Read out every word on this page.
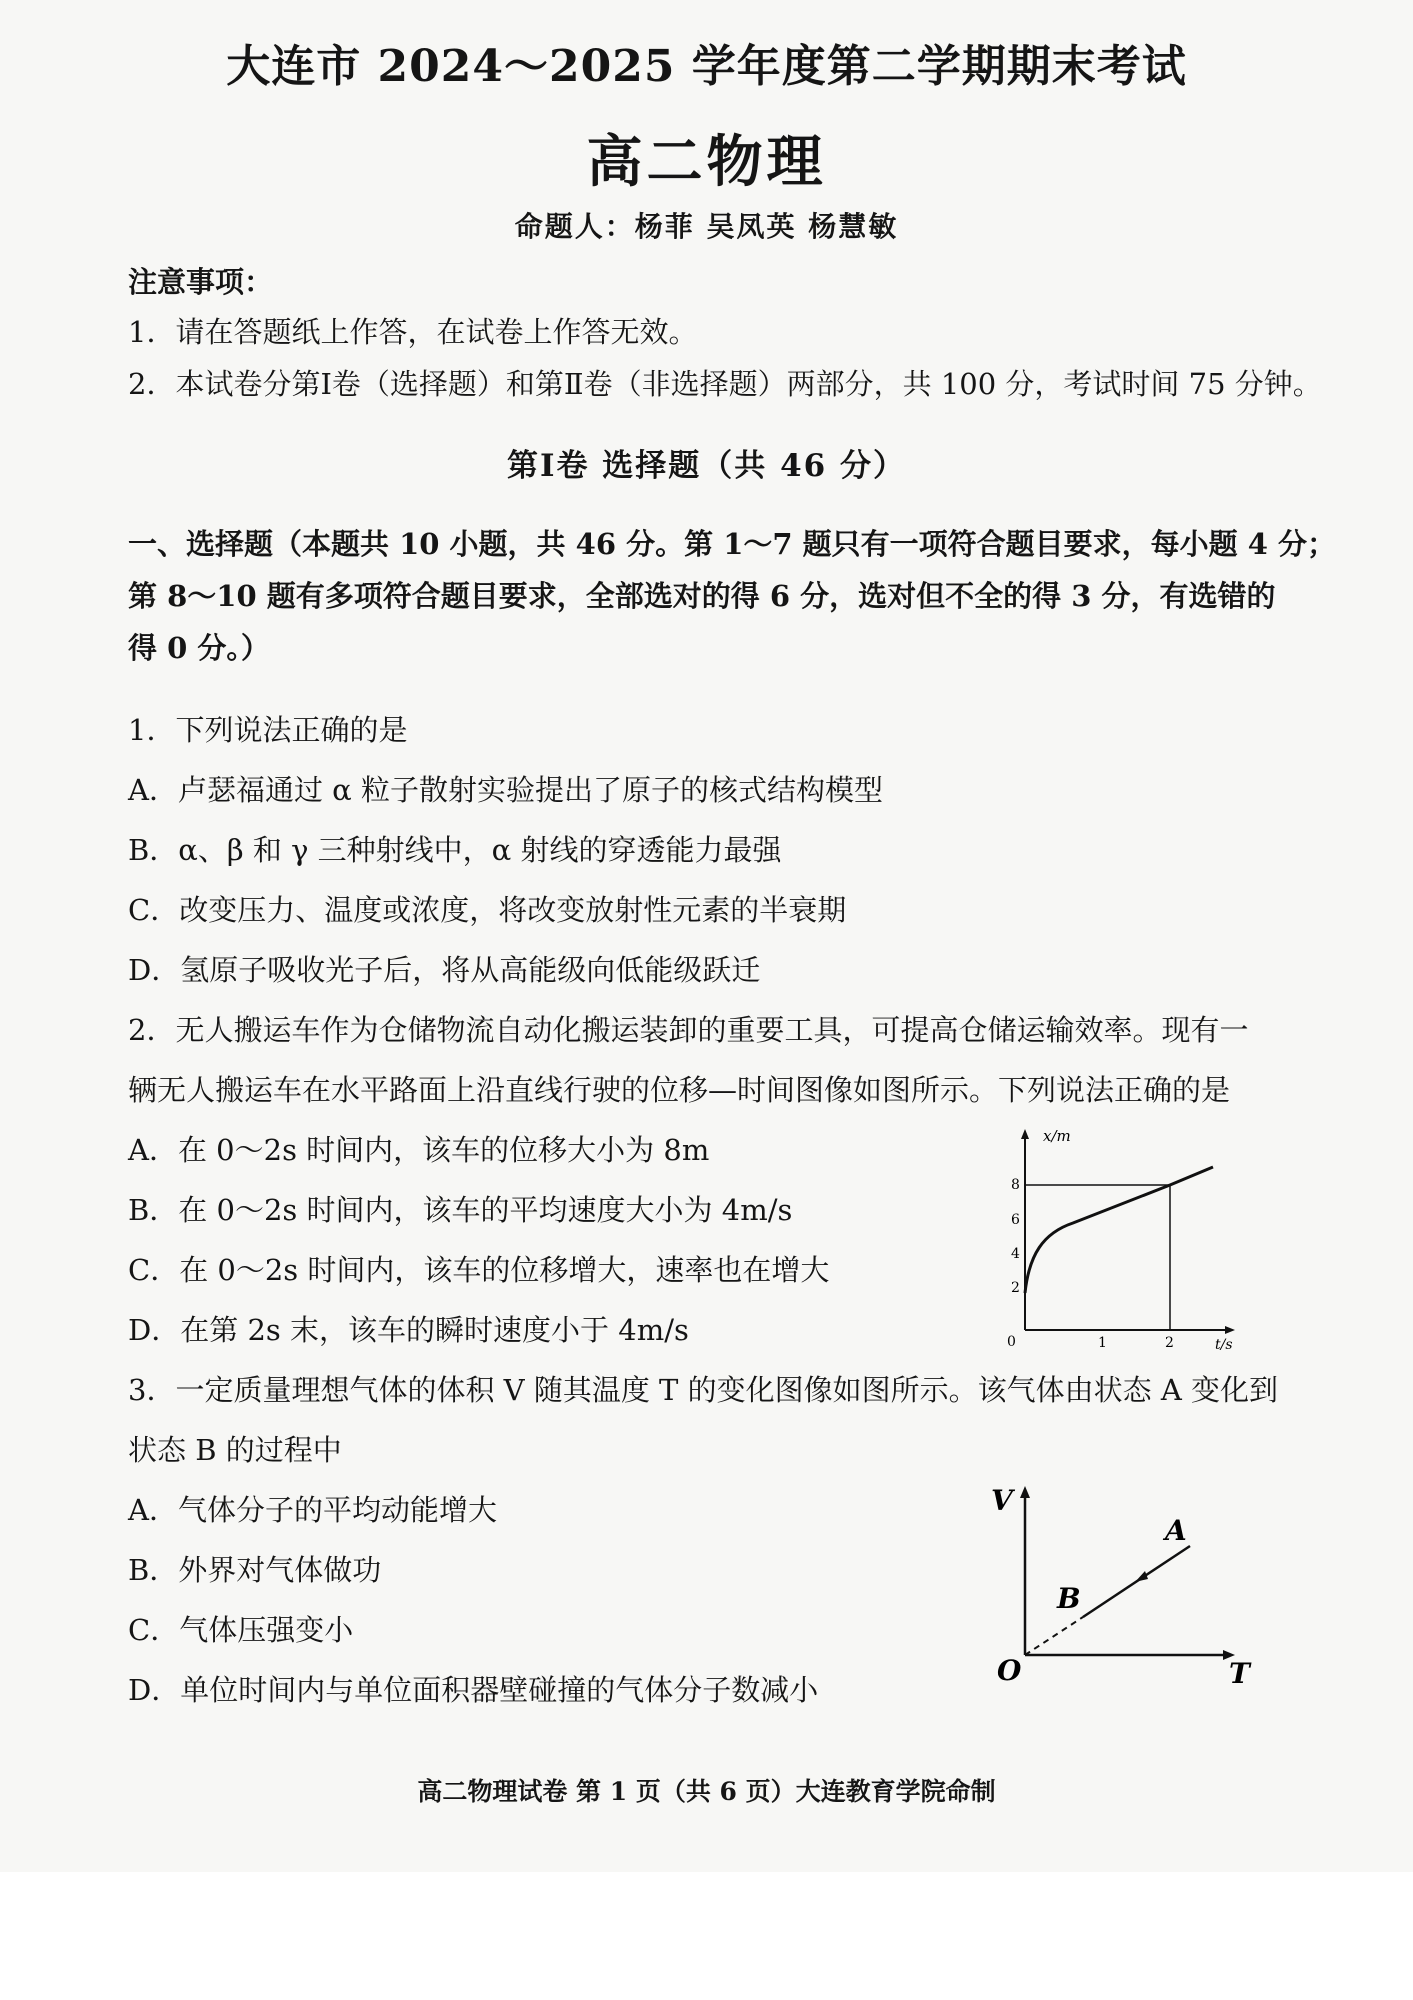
大连市 2024～2025 学年度第二学期期末考试
高二物理
命题人：杨菲 吴凤英 杨慧敏
注意事项：
1．请在答题纸上作答，在试卷上作答无效。
2．本试卷分第Ⅰ卷（选择题）和第Ⅱ卷（非选择题）两部分，共 100 分，考试时间 75 分钟。
第Ⅰ卷 选择题（共 46 分）
一、选择题（本题共 10 小题，共 46 分。第 1～7 题只有一项符合题目要求，每小题 4 分；
第 8～10 题有多项符合题目要求，全部选对的得 6 分，选对但不全的得 3 分，有选错的
得 0 分。）
1．下列说法正确的是
A．卢瑟福通过 α 粒子散射实验提出了原子的核式结构模型
B．α、β 和 γ 三种射线中，α 射线的穿透能力最强
C．改变压力、温度或浓度，将改变放射性元素的半衰期
D．氢原子吸收光子后，将从高能级向低能级跃迁
2．无人搬运车作为仓储物流自动化搬运装卸的重要工具，可提高仓储运输效率。现有一
辆无人搬运车在水平路面上沿直线行驶的位移—时间图像如图所示。下列说法正确的是
A．在 0～2s 时间内，该车的位移大小为 8m
B．在 0～2s 时间内，该车的平均速度大小为 4m/s
C．在 0～2s 时间内，该车的位移增大，速率也在增大
D．在第 2s 末，该车的瞬时速度小于 4m/s
x/m
t/s
0
2
4
6
8
1	2
3．一定质量理想气体的体积 V 随其温度 T 的变化图像如图所示。该气体由状态 A 变化到
状态 B 的过程中
A．气体分子的平均动能增大
B．外界对气体做功
C．气体压强变小
D．单位时间内与单位面积器壁碰撞的气体分子数减小
V
T
O
A
B
高二物理试卷 第 1 页（共 6 页）大连教育学院命制
